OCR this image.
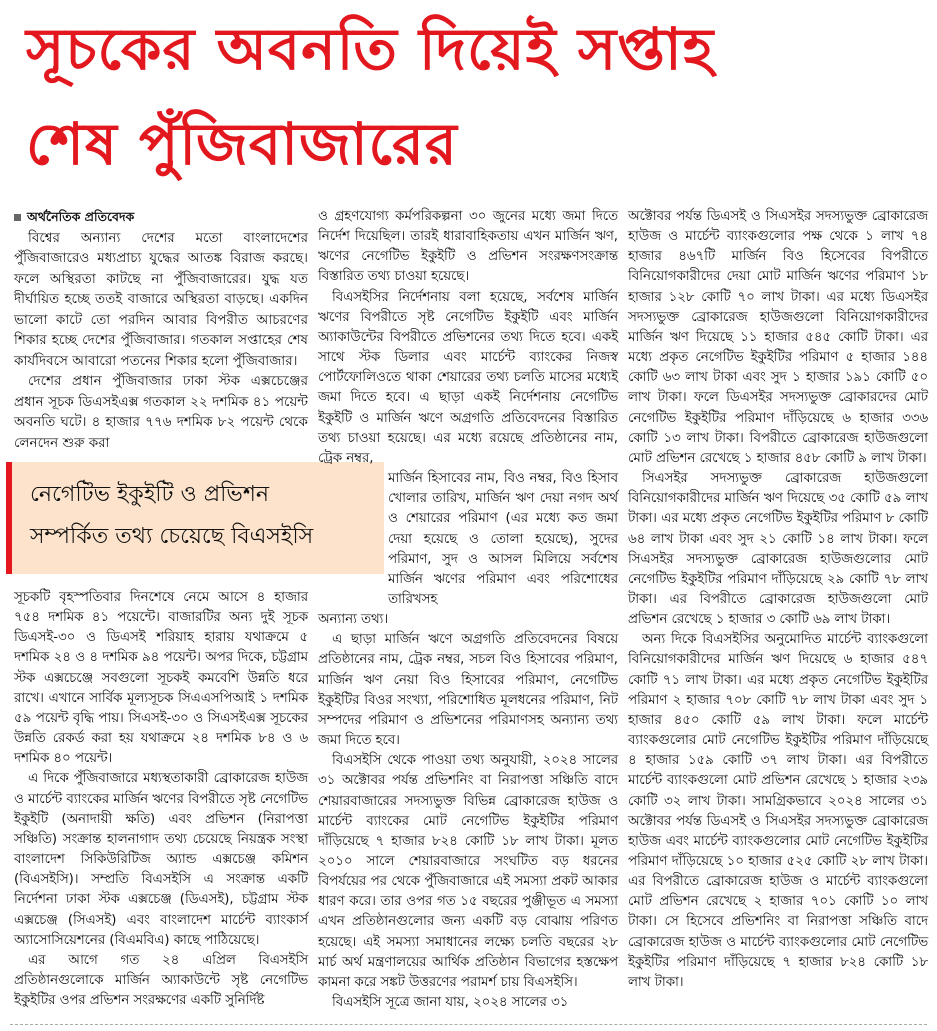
সূচকের অবনতি দিয়েই সপ্তাহ
শেষ পুঁজিবাজারের

অর্থনৈতিক প্রতিবেদক

বিশ্বের অন্যান্য দেশের মতো বাংলাদেশের পুঁজিবাজারেও মধ্যপ্রাচ্য যুদ্ধের আতঙ্ক বিরাজ করছে। ফলে অস্থিরতা কাটছে না পুঁজিবাজারের। যুদ্ধ যত দীর্ঘায়িত হচ্ছে ততই বাজারে অস্থিরতা বাড়ছে। একদিন ভালো কাটে তো পরদিন আবার বিপরীত আচরণের শিকার হচ্ছে দেশের পুঁজিবাজার। গতকাল সপ্তাহের শেষ কার্যদিবসে আবারো পতনের শিকার হলো পুঁজিবাজার।

দেশের প্রধান পুঁজিবাজার ঢাকা স্টক এক্সচেঞ্জের প্রধান সূচক ডিএসইএক্স গতকাল ২২ দশমিক ৪১ পয়েন্ট অবনতি ঘটে। ৪ হাজার ৭৭৬ দশমিক ৮২ পয়েন্ট থেকে লেনদেন শুরু করা

নেগেটিভ ইকুইটি ও প্রভিশন
সম্পর্কিত তথ্য চেয়েছে বিএসইসি

সূচকটি বৃহস্পতিবার দিনশেষে নেমে আসে ৪ হাজার ৭৫৪ দশমিক ৪১ পয়েন্টে। বাজারটির অন্য দুই সূচক ডিএসই-৩০ ও ডিএসই শরিয়াহ হারায় যথাক্রমে ৫ দশমিক ২৪ ও ৪ দশমিক ৯৪ পয়েন্ট। অপর দিকে, চট্টগ্রাম স্টক এক্সচেঞ্জে সবগুলো সূচকই কমবেশি উন্নতি ধরে রাখে। এখানে সার্বিক মূল্যসূচক সিএএসপিআই ১ দশমিক ৫৯ পয়েন্ট বৃদ্ধি পায়। সিএসই-৩০ ও সিএসইএক্স সূচকের উন্নতি রেকর্ড করা হয় যথাক্রমে ২৪ দশমিক ৮৪ ও ৬ দশমিক ৪০ পয়েন্ট।

এ দিকে পুঁজিবাজারে মধ্যস্থতাকারী ব্রোকারেজ হাউজ ও মার্চেন্ট ব্যাংকের মার্জিন ঋণের বিপরীতে সৃষ্ট নেগেটিভ ইকুইটি (অনাদায়ী ক্ষতি) এবং প্রভিশন (নিরাপত্তা সঞ্চিতি) সংক্রান্ত হালনাগাদ তথ্য চেয়েছে নিয়ন্ত্রক সংস্থা বাংলাদেশ সিকিউরিটিজ অ্যান্ড এক্সচেঞ্জ কমিশন (বিএসইসি)। সম্প্রতি বিএসইসি এ সংক্রান্ত একটি নির্দেশনা ঢাকা স্টক এক্সচেঞ্জ (ডিএসই), চট্টগ্রাম স্টক এক্সচেঞ্জ (সিএসই) এবং বাংলাদেশ মার্চেন্ট ব্যাংকার্স অ্যাসোসিয়েশনের (বিএমবিএ) কাছে পাঠিয়েছে।

এর আগে গত ২৪ এপ্রিল বিএসইসি প্রতিষ্ঠানগুলোকে মার্জিন অ্যাকাউন্টে সৃষ্ট নেগেটিভ ইকুইটির ওপর প্রভিশন সংরক্ষণের একটি সুনির্দিষ্ট

ও গ্রহণযোগ্য কর্মপরিকল্পনা ৩০ জুনের মধ্যে জমা দিতে নির্দেশ দিয়েছিল। তারই ধারাবাহিকতায় এখন মার্জিন ঋণ, ঋণের নেগেটিভ ইকুইটি ও প্রভিশন সংরক্ষণসংক্রান্ত বিস্তারিত তথ্য চাওয়া হয়েছে।

বিএসইসির নির্দেশনায় বলা হয়েছে, সর্বশেষ মার্জিন ঋণের বিপরীতে সৃষ্ট নেগেটিভ ইকুইটি এবং মার্জিন অ্যাকাউন্টের বিপরীতে প্রভিশনের তথ্য দিতে হবে। একই সাথে স্টক ডিলার এবং মার্চেন্ট ব্যাংকের নিজস্ব পোর্টফোলিওতে থাকা শেয়ারের তথ্য চলতি মাসের মধ্যেই জমা দিতে হবে। এ ছাড়া একই নির্দেশনায় নেগেটিভ ইকুইটি ও মার্জিন ঋণে অগ্রগতি প্রতিবেদনের বিস্তারিত তথ্য চাওয়া হয়েছে। এর মধ্যে রয়েছে প্রতিষ্ঠানের নাম, ট্রেক নম্বর,

মার্জিন হিসাবের নাম, বিও নম্বর, বিও হিসাব খোলার তারিখ, মার্জিন ঋণ দেয়া নগদ অর্থ ও শেয়ারের পরিমাণ (এর মধ্যে কত জমা দেয়া হয়েছে ও তোলা হয়েছে), সুদের পরিমাণ, সুদ ও আসল মিলিয়ে সর্বশেষ মার্জিন ঋণের পরিমাণ এবং পরিশোধের তারিখসহ

অন্যান্য তথ্য।

এ ছাড়া মার্জিন ঋণে অগ্রগতি প্রতিবেদনের বিষয়ে প্রতিষ্ঠানের নাম, ট্রেক নম্বর, সচল বিও হিসাবের পরিমাণ, মার্জিন ঋণ নেয়া বিও হিসাবের পরিমাণ, নেগেটিভ ইকুইটির বিওর সংখ্যা, পরিশোধিত মূলধনের পরিমাণ, নিট সম্পদের পরিমাণ ও প্রভিশনের পরিমাণসহ অন্যান্য তথ্য জমা দিতে হবে।

বিএসইসি থেকে পাওয়া তথ্য অনুযায়ী, ২০২৪ সালের ৩১ অক্টোবর পর্যন্ত প্রভিশনিং বা নিরাপত্তা সঞ্চিতি বাদে শেয়ারবাজারের সদস্যভুক্ত বিভিন্ন ব্রোকারেজ হাউজ ও মার্চেন্ট ব্যাংকের মোট নেগেটিভ ইকুইটির পরিমাণ দাঁড়িয়েছে ৭ হাজার ৮২৪ কোটি ১৮ লাখ টাকা। মূলত ২০১০ সালে শেয়ারবাজারে সংঘটিত বড় ধরনের বিপর্যয়ের পর থেকে পুঁজিবাজারে এই সমস্যা প্রকট আকার ধারণ করে। তার ওপর গত ১৫ বছরের পুঞ্জীভূত এ সমস্যা এখন প্রতিষ্ঠানগুলোর জন্য একটি বড় বোঝায় পরিণত হয়েছে। এই সমস্যা সমাধানের লক্ষ্যে চলতি বছরের ২৮ মার্চ অর্থ মন্ত্রণালয়ের আর্থিক প্রতিষ্ঠান বিভাগের হস্তক্ষেপ কামনা করে সঙ্কট উত্তরণের পরামর্শ চায় বিএসইসি।

বিএসইসি সূত্রে জানা যায়, ২০২৪ সালের ৩১

অক্টোবর পর্যন্ত ডিএসই ও সিএসইর সদস্যভুক্ত ব্রোকারেজ হাউজ ও মার্চেন্ট ব্যাংকগুলোর পক্ষ থেকে ১ লাখ ৭৪ হাজার ৪৬৭টি মার্জিন বিও হিসেবের বিপরীতে বিনিয়োগকারীদের দেয়া মোট মার্জিন ঋণের পরিমাণ ১৮ হাজার ১২৮ কোটি ৭০ লাখ টাকা। এর মধ্যে ডিএসইর সদস্যভুক্ত ব্রোকারেজ হাউজগুলো বিনিয়োগকারীদের মার্জিন ঋণ দিয়েছে ১১ হাজার ৫৪৫ কোটি টাকা। এর মধ্যে প্রকৃত নেগেটিভ ইকুইটির পরিমাণ ৫ হাজার ১৪৪ কোটি ৬৩ লাখ টাকা এবং সুদ ১ হাজার ১৯১ কোটি ৫০ লাখ টাকা। ফলে ডিএসইর সদস্যভুক্ত ব্রোকারদের মোট নেগেটিভ ইকুইটির পরিমাণ দাঁড়িয়েছে ৬ হাজার ৩৩৬ কোটি ১৩ লাখ টাকা। বিপরীতে ব্রোকারেজ হাউজগুলো মোট প্রভিশন রেখেছে ১ হাজার ৪৫৮ কোটি ৯ লাখ টাকা।

সিএসইর সদস্যভুক্ত ব্রোকারেজ হাউজগুলো বিনিয়োগকারীদের মার্জিন ঋণ দিয়েছে ৩৫ কোটি ৫৯ লাখ টাকা। এর মধ্যে প্রকৃত নেগেটিভ ইকুইটির পরিমাণ ৮ কোটি ৬৪ লাখ টাকা এবং সুদ ২১ কোটি ১৪ লাখ টাকা। ফলে সিএসইর সদস্যভুক্ত ব্রোকারেজ হাউজগুলোর মোট নেগেটিভ ইকুইটির পরিমাণ দাঁড়িয়েছে ২৯ কোটি ৭৮ লাখ টাকা। এর বিপরীতে ব্রোকারেজ হাউজগুলো মোট প্রভিশন রেখেছে ১ হাজার ৩ কোটি ৬৯ লাখ টাকা।

অন্য দিকে বিএসইসির অনুমোদিত মার্চেন্ট ব্যাংকগুলো বিনিয়োগকারীদের মার্জিন ঋণ দিয়েছে ৬ হাজার ৫৪৭ কোটি ৭১ লাখ টাকা। এর মধ্যে প্রকৃত নেগেটিভ ইকুইটির পরিমাণ ২ হাজার ৭০৮ কোটি ৭৮ লাখ টাকা এবং সুদ ১ হাজার ৪৫০ কোটি ৫৯ লাখ টাকা। ফলে মার্চেন্ট ব্যাংকগুলোর মোট নেগেটিভ ইকুইটির পরিমাণ দাঁড়িয়েছে ৪ হাজার ১৫৯ কোটি ৩৭ লাখ টাকা। এর বিপরীতে মার্চেন্ট ব্যাংকগুলো মোট প্রভিশন রেখেছে ১ হাজার ২৩৯ কোটি ৩২ লাখ টাকা। সামগ্রিকভাবে ২০২৪ সালের ৩১ অক্টোবর পর্যন্ত ডিএসই ও সিএসইর সদস্যভুক্ত ব্রোকারেজ হাউজ এবং মার্চেন্ট ব্যাংকগুলোর মোট নেগেটিভ ইকুইটির পরিমাণ দাঁড়িয়েছে ১০ হাজার ৫২৫ কোটি ২৮ লাখ টাকা। এর বিপরীতে ব্রোকারেজ হাউজ ও মার্চেন্ট ব্যাংকগুলো মোট প্রভিশন রেখেছে ২ হাজার ৭০১ কোটি ১০ লাখ টাকা। সে হিসেবে প্রভিশনিং বা নিরাপত্তা সঞ্চিতি বাদে ব্রোকারেজ হাউজ ও মার্চেন্ট ব্যাংকগুলোর মোট নেগেটিভ ইকুইটির পরিমাণ দাঁড়িয়েছে ৭ হাজার ৮২৪ কোটি ১৮ লাখ টাকা।
